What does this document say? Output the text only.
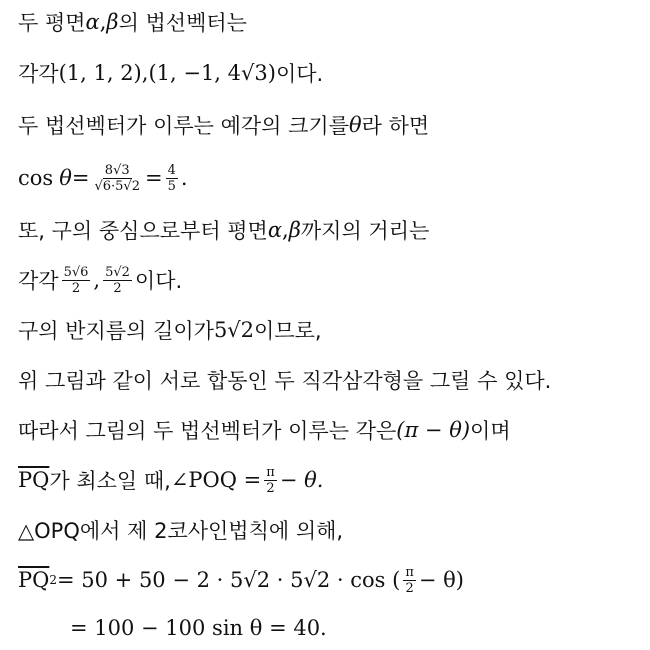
두 평면 α , β 의 법선벡터는
각각 (1, 1, 2) , (1, −1, 4√3) 이다.
두 법선벡터가 이루는 예각의 크기를 θ 라 하면
$\cos \theta = \frac{8√3}{√6\cdot 5√2} = \frac{4}{5}$ .
또, 구의 중심으로부터 평면 α , β 까지의 거리는
각각 $\frac{5√6}{2}$ , $\frac{5√2}{2}$ 이다.
구의 반지름의 길이가 5√2 이므로,
위 그림과 같이 서로 합동인 두 직각삼각형을 그릴 수 있다.
따라서 그림의 두 법선벡터가 이루는 각은 (π − θ) 이며
$\overline{PQ}$ 가 최소일 때, ∠POQ = $\frac{\pi}{2} - \theta$.
△OPQ에서 제 2코사인법칙에 의해,
$\overline{PQ}$ 2 = 50 + 50 − 2 · 5√2 · 5√2 · cos ( $\frac{\pi}{2} - \theta$)
= 100 − 100 sin θ = 40.
